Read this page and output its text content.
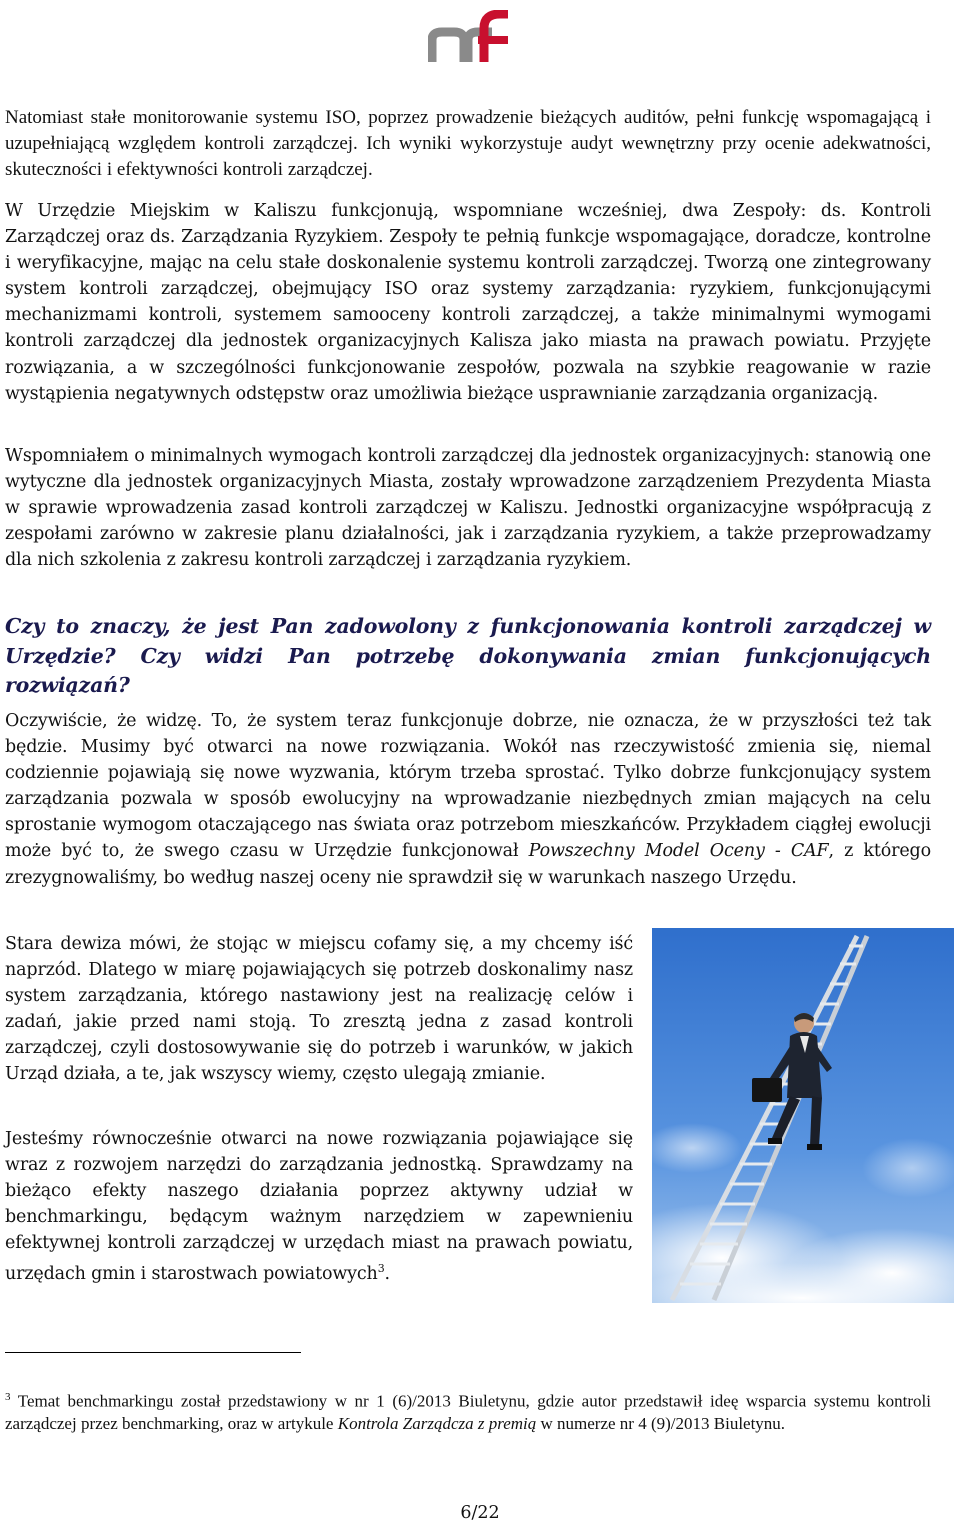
Natomiast stałe monitorowanie systemu ISO, poprzez prowadzenie bieżących auditów, pełni funkcję wspomagającą i uzupełniającą względem kontroli zarządczej. Ich wyniki wykorzystuje audyt wewnętrzny przy ocenie adekwatności, skuteczności i efektywności kontroli zarządczej.

W Urzędzie Miejskim w Kaliszu funkcjonują, wspomniane wcześniej, dwa Zespoły: ds. Kontroli Zarządczej oraz ds. Zarządzania Ryzykiem. Zespoły te pełnią funkcje wspomagające, doradcze, kontrolne i weryfikacyjne, mając na celu stałe doskonalenie systemu kontroli zarządczej. Tworzą one zintegrowany system kontroli zarządczej, obejmujący ISO oraz systemy zarządzania: ryzykiem, funkcjonującymi mechanizmami kontroli, systemem samooceny kontroli zarządczej, a także minimalnymi wymogami kontroli zarządczej dla jednostek organizacyjnych Kalisza jako miasta na prawach powiatu. Przyjęte rozwiązania, a w szczególności funkcjonowanie zespołów, pozwala na szybkie reagowanie w razie wystąpienia negatywnych odstępstw oraz umożliwia bieżące usprawnianie zarządzania organizacją.

Wspomniałem o minimalnych wymogach kontroli zarządczej dla jednostek organizacyjnych: stanowią one wytyczne dla jednostek organizacyjnych Miasta, zostały wprowadzone zarządzeniem Prezydenta Miasta w sprawie wprowadzenia zasad kontroli zarządczej w Kaliszu. Jednostki organizacyjne współpracują z zespołami zarówno w zakresie planu działalności, jak i zarządzania ryzykiem, a także przeprowadzamy dla nich szkolenia z zakresu kontroli zarządczej i zarządzania ryzykiem.

Czy to znaczy, że jest Pan zadowolony z funkcjonowania kontroli zarządczej w Urzędzie? Czy widzi Pan potrzebę dokonywania zmian funkcjonujących rozwiązań?

Oczywiście, że widzę. To, że system teraz funkcjonuje dobrze, nie oznacza, że w przyszłości też tak będzie. Musimy być otwarci na nowe rozwiązania. Wokół nas rzeczywistość zmienia się, niemal codziennie pojawiają się nowe wyzwania, którym trzeba sprostać. Tylko dobrze funkcjonujący system zarządzania pozwala w sposób ewolucyjny na wprowadzanie niezbędnych zmian mających na celu sprostanie wymogom otaczającego nas świata oraz potrzebom mieszkańców. Przykładem ciągłej ewolucji może być to, że swego czasu w Urzędzie funkcjonował Powszechny Model Oceny - CAF, z którego zrezygnowaliśmy, bo według naszej oceny nie sprawdził się w warunkach naszego Urzędu.

Stara dewiza mówi, że stojąc w miejscu cofamy się, a my chcemy iść naprzód. Dlatego w miarę pojawiających się potrzeb doskonalimy nasz system zarządzania, którego nastawiony jest na realizację celów i zadań, jakie przed nami stoją. To zresztą jedna z zasad kontroli zarządczej, czyli dostosowywanie się do potrzeb i warunków, w jakich Urząd działa, a te, jak wszyscy wiemy, często ulegają zmianie.

Jesteśmy równocześnie otwarci na nowe rozwiązania pojawiające się wraz z rozwojem narzędzi do zarządzania jednostką. Sprawdzamy na bieżąco efekty naszego działania poprzez aktywny udział w benchmarkingu, będącym ważnym narzędziem w zapewnieniu efektywnej kontroli zarządczej w urzędach miast na prawach powiatu, urzędach gmin i starostwach powiatowych$^3$.

$^3$ Temat benchmarkingu został przedstawiony w nr 1 (6)/2013 Biuletynu, gdzie autor przedstawił ideę wsparcia systemu kontroli zarządczej przez benchmarking, oraz w artykule Kontrola Zarządcza z premią w numerze nr 4 (9)/2013 Biuletynu.

6/22
